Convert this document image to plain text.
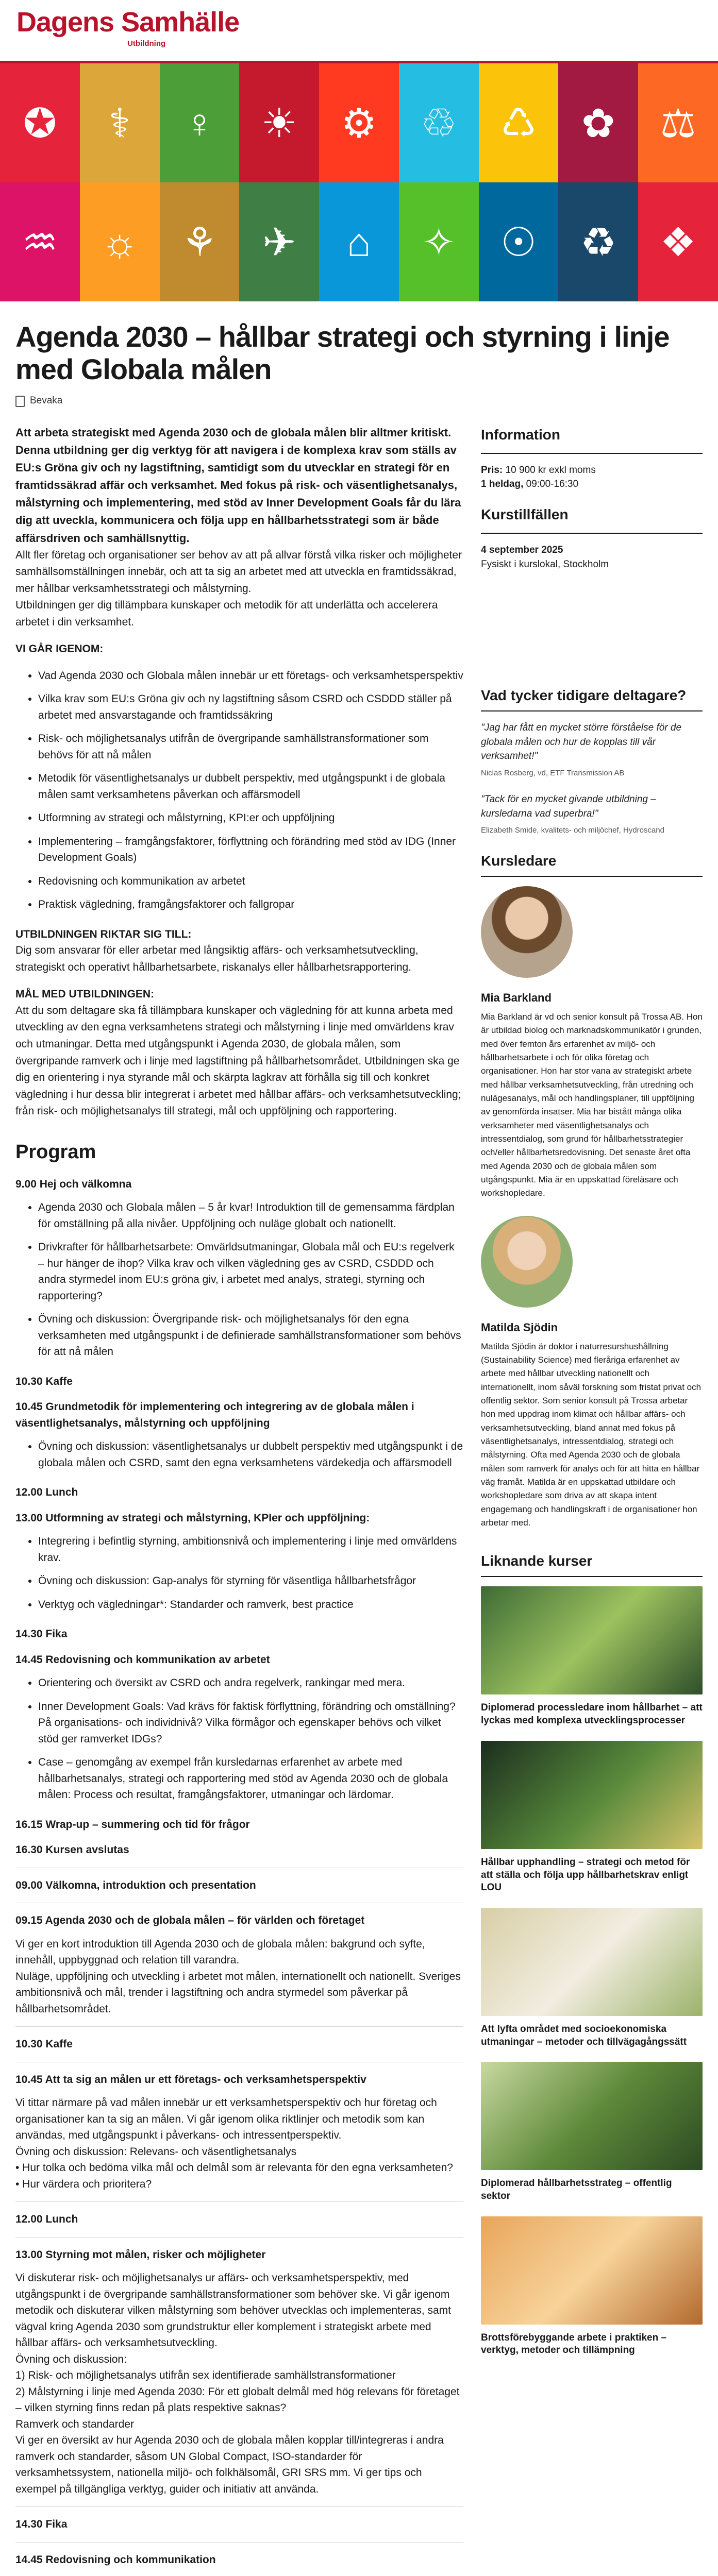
Dagens Samhälle
Utbildning
✪	⚕	♀	☀	⚙	♲	♺	✿	⚖
♒	☼	⚘	✈	⌂	✧	☉	♻	❖
Agenda 2030 – hållbar strategi och styrning i linje med Globala målen
Bevaka

Att arbeta strategiskt med Agenda 2030 och de globala målen blir alltmer kritiskt. Denna utbildning ger dig verktyg för att navigera i de komplexa krav som ställs av EU:s Gröna giv och ny lagstiftning, samtidigt som du utvecklar en strategi för en framtidssäkrad affär och verksamhet. Med fokus på risk- och väsentlighetsanalys, målstyrning och implementering, med stöd av Inner Development Goals får du lära dig att uveckla, kommunicera och följa upp en hållbarhetsstrategi som är både affärsdriven och samhällsnyttig.

Allt fler företag och organisationer ser behov av att på allvar förstå vilka risker och möjligheter samhällsomställningen innebär, och att ta sig an arbetet med att utveckla en framtidssäkrad, mer hållbar verksamhetsstrategi och målstyrning.

Utbildningen ger dig tillämpbara kunskaper och metodik för att underlätta och accelerera arbetet i din verksamhet.

VI GÅR IGENOM:
• Vad Agenda 2030 och Globala målen innebär ur ett företags- och verksamhetsperspektiv
• Vilka krav som EU:s Gröna giv och ny lagstiftning såsom CSRD och CSDDD ställer på arbetet med ansvarstagande och framtidssäkring
• Risk- och möjlighetsanalys utifrån de övergripande samhällstransformationer som behövs för att nå målen
• Metodik för väsentlighetsanalys ur dubbelt perspektiv, med utgångspunkt i de globala målen samt verksamhetens påverkan och affärsmodell
• Utformning av strategi och målstyrning, KPI:er och uppföljning
• Implementering – framgångsfaktorer, förflyttning och förändring med stöd av IDG (Inner Development Goals)
• Redovisning och kommunikation av arbetet
• Praktisk vägledning, framgångsfaktorer och fallgropar
UTBILDNINGEN RIKTAR SIG TILL:

Dig som ansvarar för eller arbetar med långsiktig affärs- och verksamhetsutveckling, strategiskt och operativt hållbarhetsarbete, riskanalys eller hållbarhetsrapportering.

MÅL MED UTBILDNINGEN:

Att du som deltagare ska få tillämpbara kunskaper och vägledning för att kunna arbeta med utveckling av den egna verksamhetens strategi och målstyrning i linje med omvärldens krav och utmaningar. Detta med utgångspunkt i Agenda 2030, de globala målen, som övergripande ramverk och i linje med lagstiftning på hållbarhetsområdet. Utbildningen ska ge dig en orientering i nya styrande mål och skärpta lagkrav att förhålla sig till och konkret vägledning i hur dessa blir integrerat i arbetet med hållbar affärs- och verksamhetsutveckling; från risk- och möjlighetsanalys till strategi, mål och uppföljning och rapportering.

Program
9.00 Hej och välkomna
• Agenda 2030 och Globala målen – 5 år kvar! Introduktion till de gemensamma färdplan för omställning på alla nivåer. Uppföljning och nuläge globalt och nationellt.
• Drivkrafter för hållbarhetsarbete: Omvärldsutmaningar, Globala mål och EU:s regelverk – hur hänger de ihop? Vilka krav och vilken vägledning ges av CSRD, CSDDD och andra styrmedel inom EU:s gröna giv, i arbetet med analys, strategi, styrning och rapportering?
• Övning och diskussion: Övergripande risk- och möjlighetsanalys för den egna verksamheten med utgångspunkt i de definierade samhällstransformationer som behövs för att nå målen
10.30 Kaffe
10.45 Grundmetodik för implementering och integrering av de globala målen i väsentlighetsanalys, målstyrning och uppföljning
• Övning och diskussion: väsentlighetsanalys ur dubbelt perspektiv med utgångspunkt i de globala målen och CSRD, samt den egna verksamhetens värdekedja och affärsmodell
12.00 Lunch
13.00 Utformning av strategi och målstyrning, KPIer och uppföljning:
• Integrering i befintlig styrning, ambitionsnivå och implementering i linje med omvärldens krav.
• Övning och diskussion: Gap-analys för styrning för väsentliga hållbarhetsfrågor
• Verktyg och vägledningar*: Standarder och ramverk, best practice
14.30 Fika
14.45 Redovisning och kommunikation av arbetet
• Orientering och översikt av CSRD och andra regelverk, rankingar med mera.
• Inner Development Goals: Vad krävs för faktisk förflyttning, förändring och omställning? På organisations- och individnivå? Vilka förmågor och egenskaper behövs och vilket stöd ger ramverket IDGs?
• Case – genomgång av exempel från kursledarnas erfarenhet av arbete med hållbarhetsanalys, strategi och rapportering med stöd av Agenda 2030 och de globala målen: Process och resultat, framgångsfaktorer, utmaningar och lärdomar.
16.15 Wrap-up – summering och tid för frågor
16.30 Kursen avslutas
09.00 Välkomna, introduktion och presentation
09.15 Agenda 2030 och de globala målen – för världen och företaget

Vi ger en kort introduktion till Agenda 2030 och de globala målen: bakgrund och syfte, innehåll, uppbyggnad och relation till varandra.
Nuläge, uppföljning och utveckling i arbetet mot målen, internationellt och nationellt. Sveriges ambitionsnivå och mål, trender i lagstiftning och andra styrmedel som påverkar på hållbarhetsområdet.

10.30 Kaffe
10.45 Att ta sig an målen ur ett företags- och verksamhetsperspektiv

Vi tittar närmare på vad målen innebär ur ett verksamhetsperspektiv och hur företag och organisationer kan ta sig an målen. Vi går igenom olika riktlinjer och metodik som kan användas, med utgångspunkt i påverkans- och intressentperspektiv.
Övning och diskussion: Relevans- och väsentlighetsanalys
• Hur tolka och bedöma vilka mål och delmål som är relevanta för den egna verksamheten?
• Hur värdera och prioritera?

12.00 Lunch
13.00 Styrning mot målen, risker och möjligheter

Vi diskuterar risk- och möjlighetsanalys ur affärs- och verksamhetsperspektiv, med utgångspunkt i de övergripande samhällstransformationer som behöver ske. Vi går igenom metodik och diskuterar vilken målstyrning som behöver utvecklas och implementeras, samt vägval kring Agenda 2030 som grundstruktur eller komplement i strategiskt arbete med hållbar affärs- och verksamhetsutveckling.
Övning och diskussion:
1) Risk- och möjlighetsanalys utifrån sex identifierade samhällstransformationer
2) Målstyrning i linje med Agenda 2030: För ett globalt delmål med hög relevans för företaget – vilken styrning finns redan på plats respektive saknas?
Ramverk och standarder
Vi ger en översikt av hur Agenda 2030 och de globala målen kopplar till/integreras i andra ramverk och standarder, såsom UN Global Compact, ISO-standarder för verksamhetssystem, nationella miljö- och folkhälsomål, GRI SRS mm. Vi ger tips och exempel på tillgängliga verktyg, guider och initiativ att använda.

14.30 Fika
14.45 Redovisning och kommunikation

Information
Pris: 10 900 kr exkl moms
1 heldag, 09:00-16:30
Kurstillfällen
4 september 2025
Fysiskt i kurslokal, Stockholm
Vad tycker tidigare deltagare?

"Jag har fått en mycket större förståelse för de globala målen och hur de kopplas till vår verksamhet!"

Niclas Rosberg, vd, ETF Transmission AB

"Tack för en mycket givande utbildning – kursledarna vad superbra!"

Elizabeth Smide, kvalitets- och miljöchef, Hydroscand

Kursledare
Mia Barkland

Mia Barkland är vd och senior konsult på Trossa AB. Hon är utbildad biolog och marknadskommunikatör i grunden, med över femton års erfarenhet av miljö- och hållbarhetsarbete i och för olika företag och organisationer. Hon har stor vana av strategiskt arbete med hållbar verksamhetsutveckling, från utredning och nulägesanalys, mål och handlingsplaner, till uppföljning av genomförda insatser. Mia har bistått många olika verksamheter med väsentlighetsanalys och intressentdialog, som grund för hållbarhetsstrategier och/eller hållbarhetsredovisning. Det senaste året ofta med Agenda 2030 och de globala målen som utgångspunkt. Mia är en uppskattad föreläsare och workshopledare.

Matilda Sjödin

Matilda Sjödin är doktor i naturresurshushållning (Sustainability Science) med fleråriga erfarenhet av arbete med hållbar utveckling nationellt och internationellt, inom såväl forskning som fristat privat och offentlig sektor. Som senior konsult på Trossa arbetar hon med uppdrag inom klimat och hållbar affärs- och verksamhetsutveckling, bland annat med fokus på väsentlighetsanalys, intressentdialog, strategi och målstyrning. Ofta med Agenda 2030 och de globala målen som ramverk för analys och för att hitta en hållbar väg framåt. Matilda är en uppskattad utbildare och workshopledare som driva av att skapa intent engagemang och handlingskraft i de organisationer hon arbetar med.

Liknande kurser
Diplomerad processledare inom hållbarhet – att lyckas med komplexa utvecklingsprocesser
Hållbar upphandling – strategi och metod för att ställa och följa upp hållbarhetskrav enligt LOU
Att lyfta området med socioekonomiska utmaningar – metoder och tillvägagångssätt
Diplomerad hållbarhetsstrateg – offentlig sektor
Brottsförebyggande arbete i praktiken – verktyg, metoder och tillämpning
